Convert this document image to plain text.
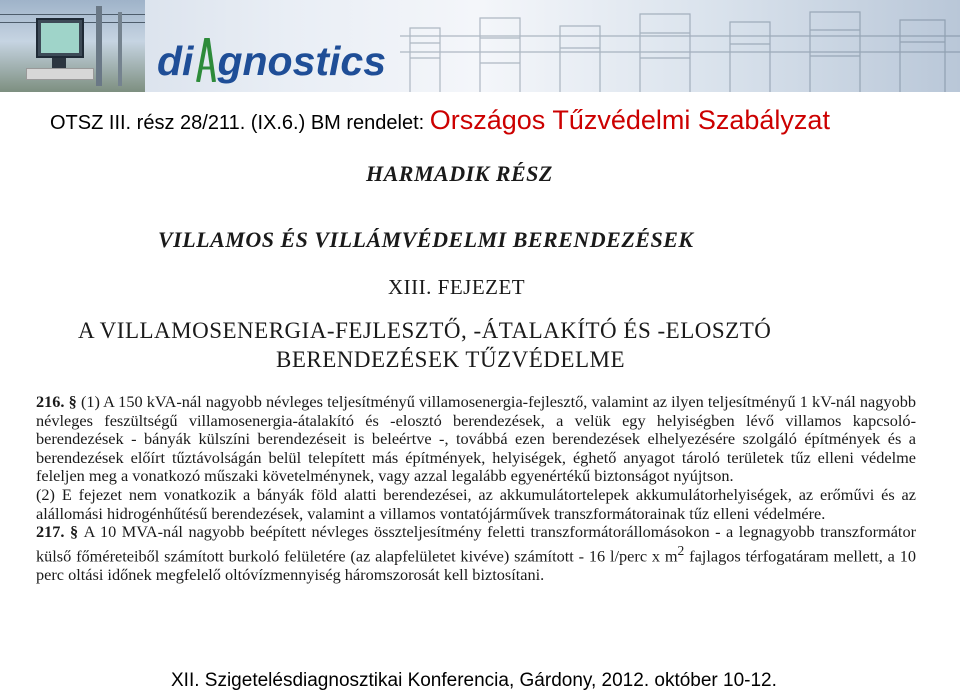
di gnostics
OTSZ III. rész 28/211. (IX.6.) BM rendelet: Országos Tűzvédelmi Szabályzat
HARMADIK RÉSZ
VILLAMOS ÉS VILLÁMVÉDELMI BERENDEZÉSEK
XIII. FEJEZET
A VILLAMOSENERGIA-FEJLESZTŐ, -ÁTALAKÍTÓ ÉS -ELOSZTÓ
BERENDEZÉSEK TŰZVÉDELME

216. § (1) A 150 kVA-nál nagyobb névleges teljesítményű villamosenergia-fejlesztő, valamint az ilyen teljesítményű 1 kV-nál nagyobb névleges feszültségű villamosenergia-átalakító és -elosztó berendezések, a velük egy helyiségben lévő villamos kapcsoló-berendezések - bányák külszíni berendezéseit is beleértve -, továbbá ezen berendezések elhelyezésére szolgáló építmények és a berendezések előírt tűztávolságán belül telepített más építmények, helyiségek, éghető anyagot tároló területek tűz elleni védelme feleljen meg a vonatkozó műszaki követelménynek, vagy azzal legalább egyenértékű biztonságot nyújtson.

(2) E fejezet nem vonatkozik a bányák föld alatti berendezései, az akkumulátortelepek akkumulátorhelyiségek, az erőművi és az alállomási hidrogénhűtésű berendezések, valamint a villamos vontatójárművek transzformátorainak tűz elleni védelmére.

217. § A 10 MVA-nál nagyobb beépített névleges összteljesítmény feletti transzformátorállomásokon - a legnagyobb transzformátor külső főméreteiből számított burkoló felületére (az alapfelületet kivéve) számított - 16 l/perc x $m^2$ fajlagos térfogatáram mellett, a 10 perc oltási időnek megfelelő oltóvízmennyiség háromszorosát kell biztosítani.

XII. Szigetelésdiagnosztikai Konferencia, Gárdony, 2012. október 10-12.
